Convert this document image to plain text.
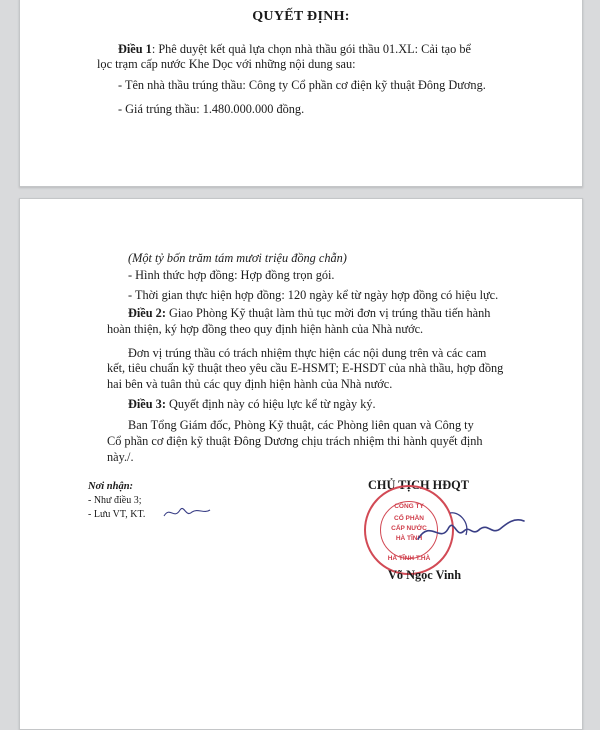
QUYẾT ĐỊNH:
Điều 1: Phê duyệt kết quả lựa chọn nhà thầu gói thầu 01.XL: Cải tạo bể
lọc trạm cấp nước Khe Dọc với những nội dung sau:
- Tên nhà thầu trúng thầu: Công ty Cổ phần cơ điện kỹ thuật Đông Dương.
- Giá trúng thầu: 1.480.000.000 đồng.
(Một tỷ bốn trăm tám mươi triệu đồng chẵn)
- Hình thức hợp đồng: Hợp đồng trọn gói.
- Thời gian thực hiện hợp đồng: 120 ngày kể từ ngày hợp đồng có hiệu lực.
Điều 2: Giao Phòng Kỹ thuật làm thủ tục mời đơn vị trúng thầu tiến hành
hoàn thiện, ký hợp đồng theo quy định hiện hành của Nhà nước.
Đơn vị trúng thầu có trách nhiệm thực hiện các nội dung trên và các cam
kết, tiêu chuẩn kỹ thuật theo yêu cầu E-HSMT; E-HSDT của nhà thầu, hợp đồng
hai bên và tuân thủ các quy định hiện hành của Nhà nước.
Điều 3: Quyết định này có hiệu lực kể từ ngày ký.
Ban Tổng Giám đốc, Phòng Kỹ thuật, các Phòng liên quan và Công ty
Cổ phần cơ điện kỹ thuật Đông Dương chịu trách nhiệm thi hành quyết định
này./.
Nơi nhận:
- Như điều 3;
- Lưu VT, KT.
CHỦ TỊCH HĐQT
CÔNG TY
CỔ PHẦN
CẤP NƯỚC
HÀ TĨNH
HÀ TĨNH T.HÀ
Võ Ngọc Vinh
